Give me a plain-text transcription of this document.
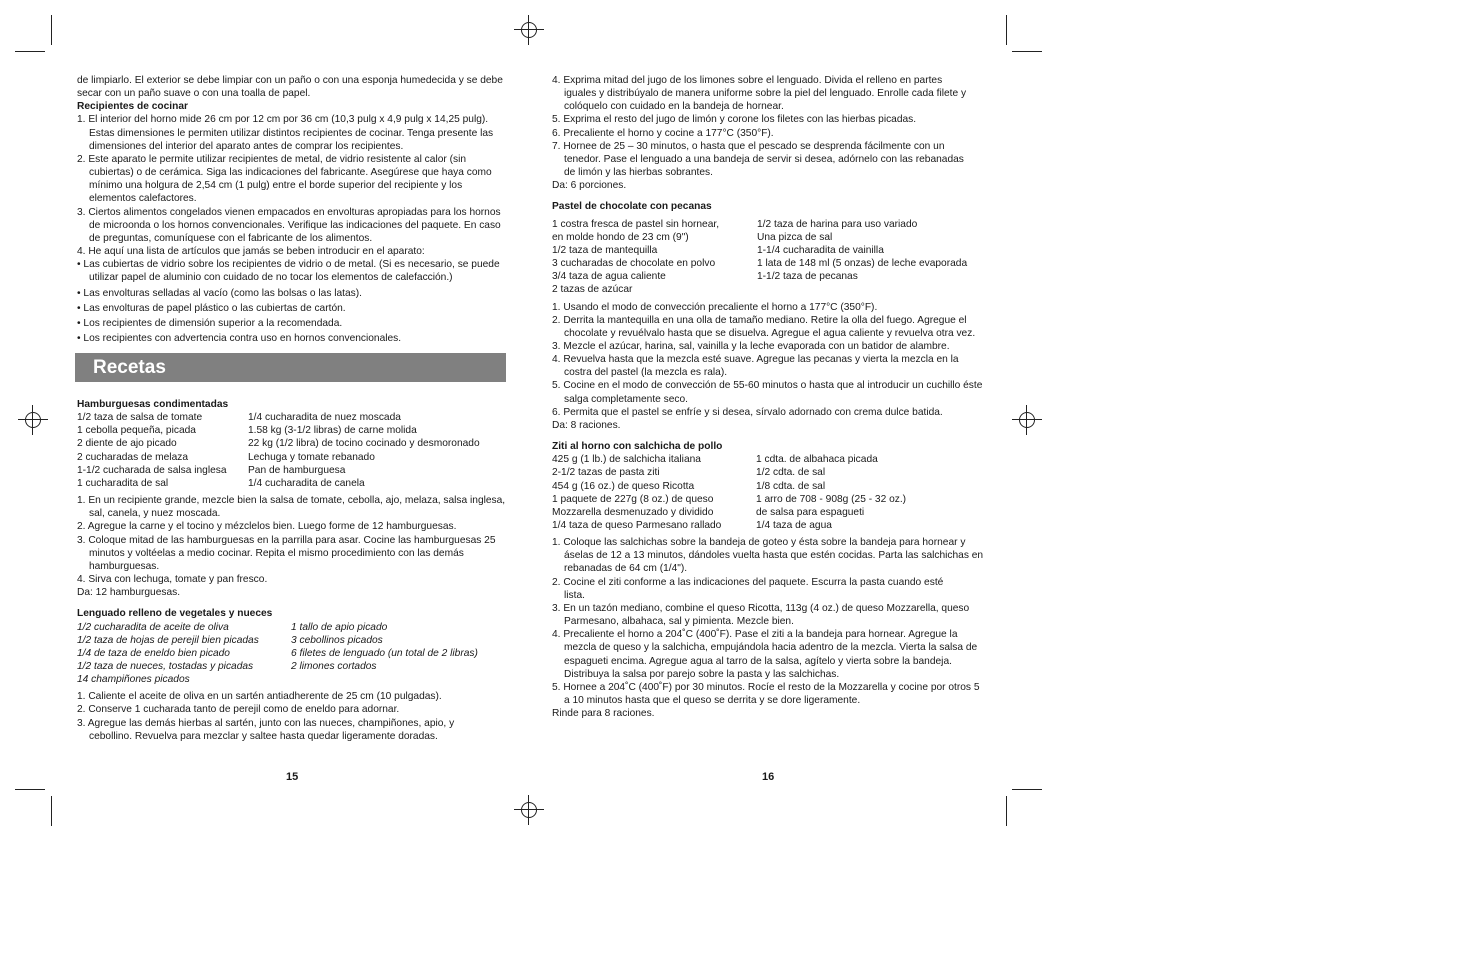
de limpiarlo. El exterior se debe limpiar con un paño o con una esponja humedecida y se debe secar con un paño suave o con una toalla de papel.

Recipientes de cocinar

1. El interior del horno mide 26 cm por 12 cm por 36 cm (10,3 pulg x 4,9 pulg x 14,25 pulg). Estas dimensiones le permiten utilizar distintos recipientes de cocinar. Tenga presente las dimensiones del interior del aparato antes de comprar los recipientes.
2. Este aparato le permite utilizar recipientes de metal, de vidrio resistente al calor (sin cubiertas) o de cerámica. Siga las indicaciones del fabricante. Asegúrese que haya como mínimo una holgura de 2,54 cm (1 pulg) entre el borde superior del recipiente y los elementos calefactores.
3. Ciertos alimentos congelados vienen empacados en envolturas apropiadas para los hornos de microonda o los hornos convencionales. Verifique las indicaciones del paquete. En caso de preguntas, comuníquese con el fabricante de los alimentos.
4. He aquí una lista de artículos que jamás se beben introducir en el aparato:
• Las cubiertas de vidrio sobre los recipientes de vidrio o de metal. (Si es necesario, se puede utilizar papel de aluminio con cuidado de no tocar los elementos de calefacción.)
• Las envolturas selladas al vacío (como las bolsas o las latas).
• Las envolturas de papel plástico o las cubiertas de cartón.
• Los recipientes de dimensión superior a la recomendada.
• Los recipientes con advertencia contra uso en hornos convencionales.
Recetas

Hamburguesas condimentadas

1/2 taza de salsa de tomate	1/4 cucharadita de nuez moscada
1 cebolla pequeña, picada	1.58 kg (3-1/2 libras) de carne molida
2 diente de ajo picado	22 kg (1/2 libra) de tocino cocinado y desmoronado
2 cucharadas de melaza	Lechuga y tomate rebanado
1-1/2 cucharada de salsa inglesa	Pan de hamburguesa
1 cucharadita de sal	1/4 cucharadita de canela
1. En un recipiente grande, mezcle bien la salsa de tomate, cebolla, ajo, melaza, salsa inglesa, sal, canela, y nuez moscada.
2. Agregue la carne y el tocino y mézclelos bien. Luego forme de 12 hamburguesas.
3. Coloque mitad de las hamburguesas en la parrilla para asar. Cocine las hamburguesas 25 minutos y voltéelas a medio cocinar. Repita el mismo procedimiento con las demás hamburguesas.
4. Sirva con lechuga, tomate y pan fresco.

Da: 12 hamburguesas.

Lenguado relleno de vegetales y nueces

1/2 cucharadita de aceite de oliva	1 tallo de apio picado
1/2 taza de hojas de perejil bien picadas	3 cebollinos picados
1/4 de taza de eneldo bien picado	6 filetes de lenguado (un total de 2 libras)
1/2 taza de nueces, tostadas y picadas	2 limones cortados
14 champiñones picados
1. Caliente el aceite de oliva en un sartén antiadherente de 25 cm (10 pulgadas).
2. Conserve 1 cucharada tanto de perejil como de eneldo para adornar.
3. Agregue las demás hierbas al sartén, junto con las nueces, champiñones, apio, y cebollino. Revuelva para mezclar y saltee hasta quedar ligeramente doradas.
15
4. Exprima mitad del jugo de los limones sobre el lenguado. Divida el relleno en partes iguales y distribúyalo de manera uniforme sobre la piel del lenguado. Enrolle cada filete y colóquelo con cuidado en la bandeja de hornear.
5. Exprima el resto del jugo de limón y corone los filetes con las hierbas picadas.
6. Precaliente el horno y cocine a 177°C (350°F).
7. Hornee de 25 – 30 minutos, o hasta que el pescado se desprenda fácilmente con un tenedor. Pase el lenguado a una bandeja de servir si desea, adórnelo con las rebanadas de limón y las hierbas sobrantes.

Da: 6 porciones.

Pastel de chocolate con pecanas

1 costra fresca de pastel sin hornear,	1/2 taza de harina para uso variado
en molde hondo de 23 cm (9")	Una pizca de sal
1/2 taza de mantequilla	1-1/4 cucharadita de vainilla
3 cucharadas de chocolate en polvo	1 lata de 148 ml (5 onzas) de leche evaporada
3/4 taza de agua caliente	1-1/2 taza de pecanas
2 tazas de azúcar
1. Usando el modo de convección precaliente el horno a 177°C (350°F).
2. Derrita la mantequilla en una olla de tamaño mediano. Retire la olla del fuego. Agregue el chocolate y revuélvalo hasta que se disuelva. Agregue el agua caliente y revuelva otra vez.
3. Mezcle el azúcar, harina, sal, vainilla y la leche evaporada con un batidor de alambre.
4. Revuelva hasta que la mezcla esté suave. Agregue las pecanas y vierta la mezcla en la costra del pastel (la mezcla es rala).
5. Cocine en el modo de convección de 55-60 minutos o hasta que al introducir un cuchillo éste salga completamente seco.
6. Permita que el pastel se enfríe y si desea, sírvalo adornado con crema dulce batida.

Da: 8 raciones.

Ziti al horno con salchicha de pollo

425 g (1 lb.) de salchicha italiana	1 cdta. de albahaca picada
2-1/2 tazas de pasta ziti	1/2 cdta. de sal
454 g (16 oz.) de queso Ricotta	1/8 cdta. de sal
1 paquete de 227g (8 oz.) de queso	1 arro de 708 - 908g (25 - 32 oz.)
Mozzarella desmenuzado y dividido	de salsa para espagueti
1/4 taza de queso Parmesano rallado	1/4 taza de agua
1. Coloque las salchichas sobre la bandeja de goteo y ésta sobre la bandeja para hornear y áselas de 12 a 13 minutos, dándoles vuelta hasta que estén cocidas. Parta las salchichas en rebanadas de 64 cm (1/4").
2. Cocine el ziti conforme a las indicaciones del paquete. Escurra la pasta cuando esté lista.
3. En un tazón mediano, combine el queso Ricotta, 113g (4 oz.) de queso Mozzarella, queso Parmesano, albahaca, sal y pimienta. Mezcle bien.
4. Precaliente el horno a 204˚C (400˚F). Pase el ziti a la bandeja para hornear. Agregue la mezcla de queso y la salchicha, empujándola hacia adentro de la mezcla. Vierta la salsa de espagueti encima. Agregue agua al tarro de la salsa, agítelo y vierta sobre la bandeja. Distribuya la salsa por parejo sobre la pasta y las salchichas.
5. Hornee a 204˚C (400˚F) por 30 minutos. Rocíe el resto de la Mozzarella y cocine por otros 5 a 10 minutos hasta que el queso se derrita y se dore ligeramente.

Rinde para 8 raciones.

16
